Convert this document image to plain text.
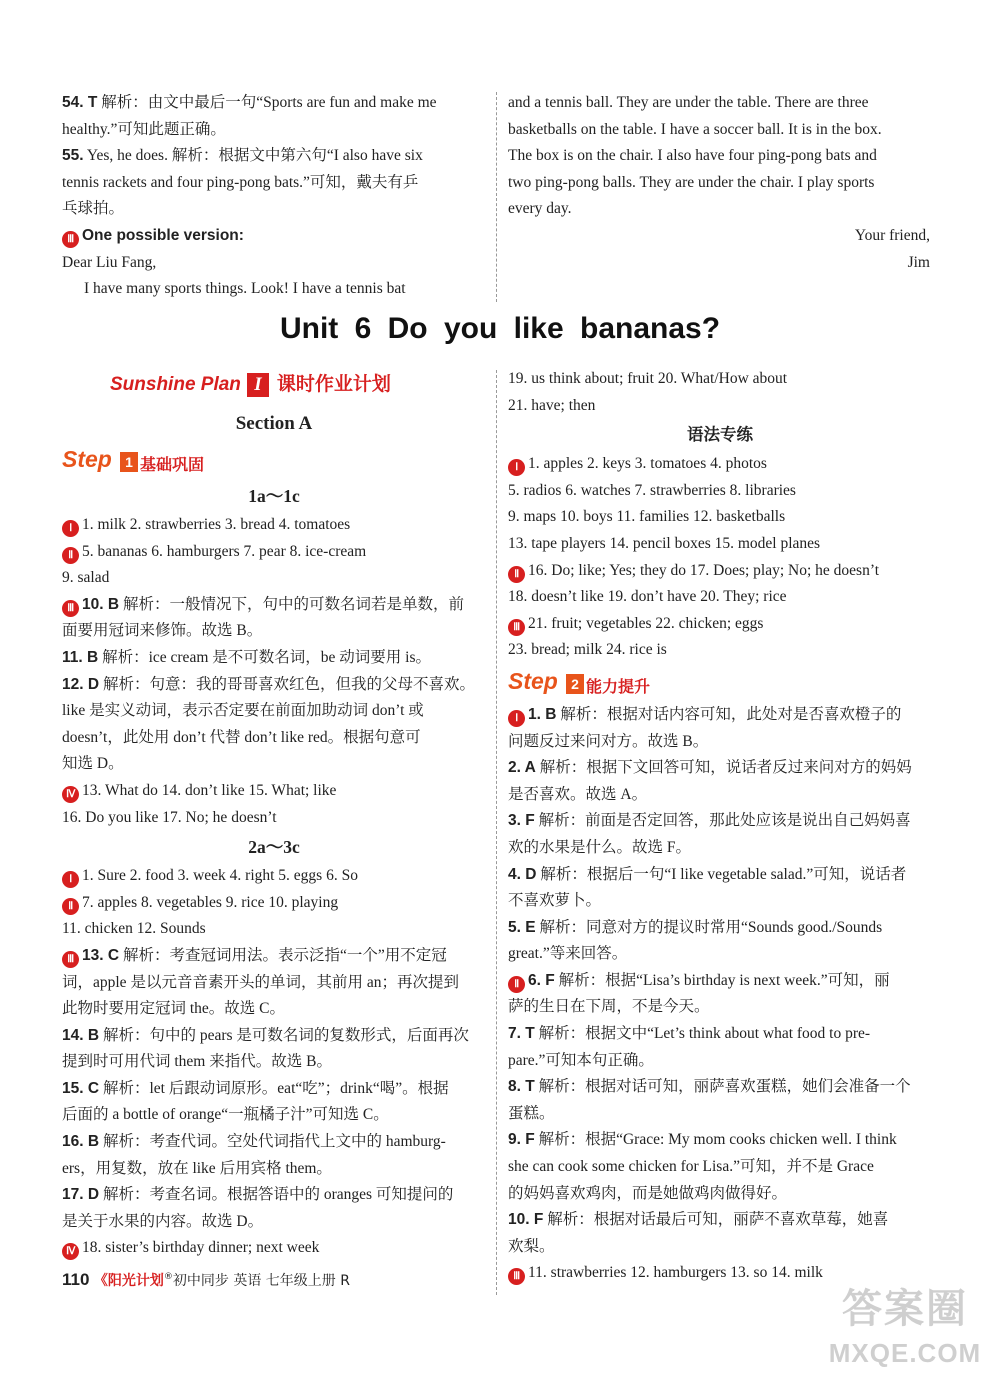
54. T 解析：由文中最后一句“Sports are fun and make me
healthy.”可知此题正确。
55. Yes, he does. 解析：根据文中第六句“I also have six
tennis rackets and four ping-pong bats.”可知，戴夫有乒
乓球拍。
Ⅲ One possible version:
Dear Liu Fang,
I have many sports things. Look! I have a tennis bat
and a tennis ball. They are under the table. There are three
basketballs on the table. I have a soccer ball. It is in the box.
The box is on the chair. I also have four ping-pong bats and
two ping-pong balls. They are under the chair. I play sports
every day.
Your friend,
Jim
Unit 6 Do you like bananas?
Sunshine Plan I 课时作业计划
Section A
Step 1 基础巩固
1a～1c
Ⅰ 1. milk 2. strawberries 3. bread 4. tomatoes
Ⅱ 5. bananas 6. hamburgers 7. pear 8. ice-cream
9. salad
Ⅲ 10. B 解析：一般情况下，句中的可数名词若是单数，前
面要用冠词来修饰。故选 B。
11. B 解析：ice cream 是不可数名词，be 动词要用 is。
12. D 解析：句意：我的哥哥喜欢红色，但我的父母不喜欢。
like 是实义动词，表示否定要在前面加助动词 don’t 或
doesn’t，此处用 don’t 代替 don’t like red。根据句意可
知选 D。
Ⅳ 13. What do 14. don’t like 15. What; like
16. Do you like 17. No; he doesn’t
2a～3c
Ⅰ 1. Sure 2. food 3. week 4. right 5. eggs 6. So
Ⅱ 7. apples 8. vegetables 9. rice 10. playing
11. chicken 12. Sounds
Ⅲ 13. C 解析：考查冠词用法。表示泛指“一个”用不定冠
词，apple 是以元音音素开头的单词，其前用 an；再次提到
此物时要用定冠词 the。故选 C。
14. B 解析：句中的 pears 是可数名词的复数形式，后面再次
提到时可用代词 them 来指代。故选 B。
15. C 解析：let 后跟动词原形。eat“吃”；drink“喝”。根据
后面的 a bottle of orange“一瓶橘子汁”可知选 C。
16. B 解析：考查代词。空处代词指代上文中的 hamburg-
ers，用复数，放在 like 后用宾格 them。
17. D 解析：考查名词。根据答语中的 oranges 可知提问的
是关于水果的内容。故选 D。
Ⅳ 18. sister’s birthday dinner; next week
19. us think about; fruit 20. What/How about
21. have; then
语法专练
Ⅰ 1. apples 2. keys 3. tomatoes 4. photos
5. radios 6. watches 7. strawberries 8. libraries
9. maps 10. boys 11. families 12. basketballs
13. tape players 14. pencil boxes 15. model planes
Ⅱ 16. Do; like; Yes; they do 17. Does; play; No; he doesn’t
18. doesn’t like 19. don’t have 20. They; rice
Ⅲ 21. fruit; vegetables 22. chicken; eggs
23. bread; milk 24. rice is
Step 2 能力提升
Ⅰ 1. B 解析：根据对话内容可知，此处对是否喜欢橙子的
问题反过来问对方。故选 B。
2. A 解析：根据下文回答可知，说话者反过来问对方的妈妈
是否喜欢。故选 A。
3. F 解析：前面是否定回答，那此处应该是说出自己妈妈喜
欢的水果是什么。故选 F。
4. D 解析：根据后一句“I like vegetable salad.”可知，说话者
不喜欢萝卜。
5. E 解析：同意对方的提议时常用“Sounds good./Sounds
great.”等来回答。
Ⅱ 6. F 解析：根据“Lisa’s birthday is next week.”可知，丽
萨的生日在下周，不是今天。
7. T 解析：根据文中“Let’s think about what food to pre-
pare.”可知本句正确。
8. T 解析：根据对话可知，丽萨喜欢蛋糕，她们会准备一个
蛋糕。
9. F 解析：根据“Grace: My mom cooks chicken well. I think
she can cook some chicken for Lisa.”可知，并不是 Grace
的妈妈喜欢鸡肉，而是她做鸡肉做得好。
10. F 解析：根据对话最后可知，丽萨不喜欢草莓，她喜
欢梨。
Ⅲ 11. strawberries 12. hamburgers 13. so 14. milk
110 《阳光计划®初中同步 英语 七年级上册 R
答案圈
MXQE.COM
